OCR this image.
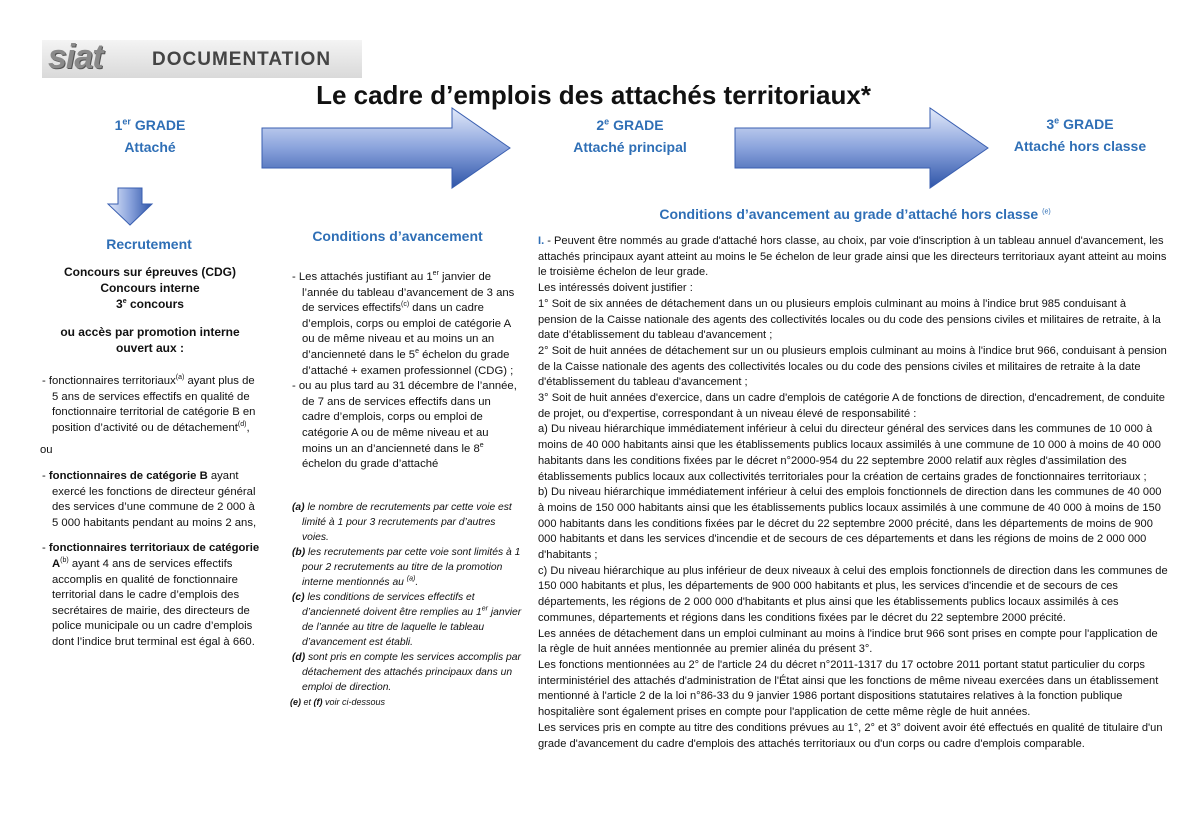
siat	DOCUMENTATION
Le cadre d’emplois des attachés territoriaux*
1er GRADE
Attaché
2e GRADE
Attaché principal
3e GRADE
Attaché hors classe
Recrutement
Concours sur épreuves (CDG)
Concours interne
3e concours
ou accès par promotion interne ouvert aux :
- fonctionnaires territoriaux$^{(a)}$ ayant plus de 5 ans de services effectifs en qualité de fonctionnaire territorial de catégorie B en position d’activité ou de détachement$^{(d)}$,
ou
- fonctionnaires de catégorie B ayant exercé les fonctions de directeur général des services d’une commune de 2 000 à 5 000 habitants pendant au moins 2 ans,
- fonctionnaires territoriaux de catégorie $A^{(b)}$ ayant 4 ans de services effectifs accomplis en qualité de fonctionnaire territorial dans le cadre d’emplois des secrétaires de mairie, des directeurs de police municipale ou un cadre d’emplois dont l’indice brut terminal est égal à 660.
Conditions d’avancement
- Les attachés justifiant au 1er janvier de l’année du tableau d’avancement de 3 ans de services effectifs$^{(c)}$ dans un cadre d’emplois, corps ou emploi de catégorie A ou de même niveau et au moins un an d’ancienneté dans le 5e échelon du grade d’attaché + examen professionnel (CDG) ;
- ou au plus tard au 31 décembre de l’année, de 7 ans de services effectifs dans un cadre d’emplois, corps ou emploi de catégorie A ou de même niveau et au moins un an d’ancienneté dans le 8e échelon du grade d’attaché
(a) le nombre de recrutements par cette voie est limité à 1 pour 3 recrutements par d’autres voies.
(b) les recrutements par cette voie sont limités à 1 pour 2 recrutements au titre de la promotion interne mentionnés au $^{(a)}$.
(c) les conditions de services effectifs et d’ancienneté doivent être remplies au 1er janvier de l’année au titre de laquelle le tableau d’avancement est établi.
(d) sont pris en compte les services accomplis par détachement des attachés principaux dans un emploi de direction.
(e) et (f) voir ci-dessous
Conditions d’avancement au grade d’attaché hors classe $^{(e)}$
I. - Peuvent être nommés au grade d'attaché hors classe, au choix, par voie d'inscription à un tableau annuel d'avancement, les attachés principaux ayant atteint au moins le 5e échelon de leur grade ainsi que les directeurs territoriaux ayant atteint au moins le troisième échelon de leur grade.
Les intéressés doivent justifier :
1° Soit de six années de détachement dans un ou plusieurs emplois culminant au moins à l'indice brut 985 conduisant à pension de la Caisse nationale des agents des collectivités locales ou du code des pensions civiles et militaires de retraite, à la date d'établissement du tableau d'avancement ;
2° Soit de huit années de détachement sur un ou plusieurs emplois culminant au moins à l'indice brut 966, conduisant à pension de la Caisse nationale des agents des collectivités locales ou du code des pensions civiles et militaires de retraite à la date d'établissement du tableau d'avancement ;
3° Soit de huit années d'exercice, dans un cadre d'emplois de catégorie A de fonctions de direction, d'encadrement, de conduite de projet, ou d'expertise, correspondant à un niveau élevé de responsabilité :
a) Du niveau hiérarchique immédiatement inférieur à celui du directeur général des services dans les communes de 10 000 à moins de 40 000 habitants ainsi que les établissements publics locaux assimilés à une commune de 10 000 à moins de 40 000 habitants dans les conditions fixées par le décret n°2000-954 du 22 septembre 2000 relatif aux règles d'assimilation des établissements publics locaux aux collectivités territoriales pour la création de certains grades de fonctionnaires territoriaux ;
b) Du niveau hiérarchique immédiatement inférieur à celui des emplois fonctionnels de direction dans les communes de 40 000 à moins de 150 000 habitants ainsi que les établissements publics locaux assimilés à une commune de 40 000 à moins de 150 000 habitants dans les conditions fixées par le décret du 22 septembre 2000 précité, dans les départements de moins de 900 000 habitants et dans les services d'incendie et de secours de ces départements et dans les régions de moins de 2 000 000 d'habitants ;
c) Du niveau hiérarchique au plus inférieur de deux niveaux à celui des emplois fonctionnels de direction dans les communes de 150 000 habitants et plus, les départements de 900 000 habitants et plus, les services d'incendie et de secours de ces départements, les régions de 2 000 000 d'habitants et plus ainsi que les établissements publics locaux assimilés à ces communes, départements et régions dans les conditions fixées par le décret du 22 septembre 2000 précité.
Les années de détachement dans un emploi culminant au moins à l'indice brut 966 sont prises en compte pour l'application de la règle de huit années mentionnée au premier alinéa du présent 3°.
Les fonctions mentionnées au 2° de l'article 24 du décret n°2011-1317 du 17 octobre 2011 portant statut particulier du corps interministériel des attachés d'administration de l'État ainsi que les fonctions de même niveau exercées dans un établissement mentionné à l'article 2 de la loi n°86-33 du 9 janvier 1986 portant dispositions statutaires relatives à la fonction publique hospitalière sont également prises en compte pour l'application de cette même règle de huit années.
Les services pris en compte au titre des conditions prévues au 1°, 2° et 3° doivent avoir été effectués en qualité de titulaire d'un grade d'avancement du cadre d'emplois des attachés territoriaux ou d'un corps ou cadre d'emplois comparable.
